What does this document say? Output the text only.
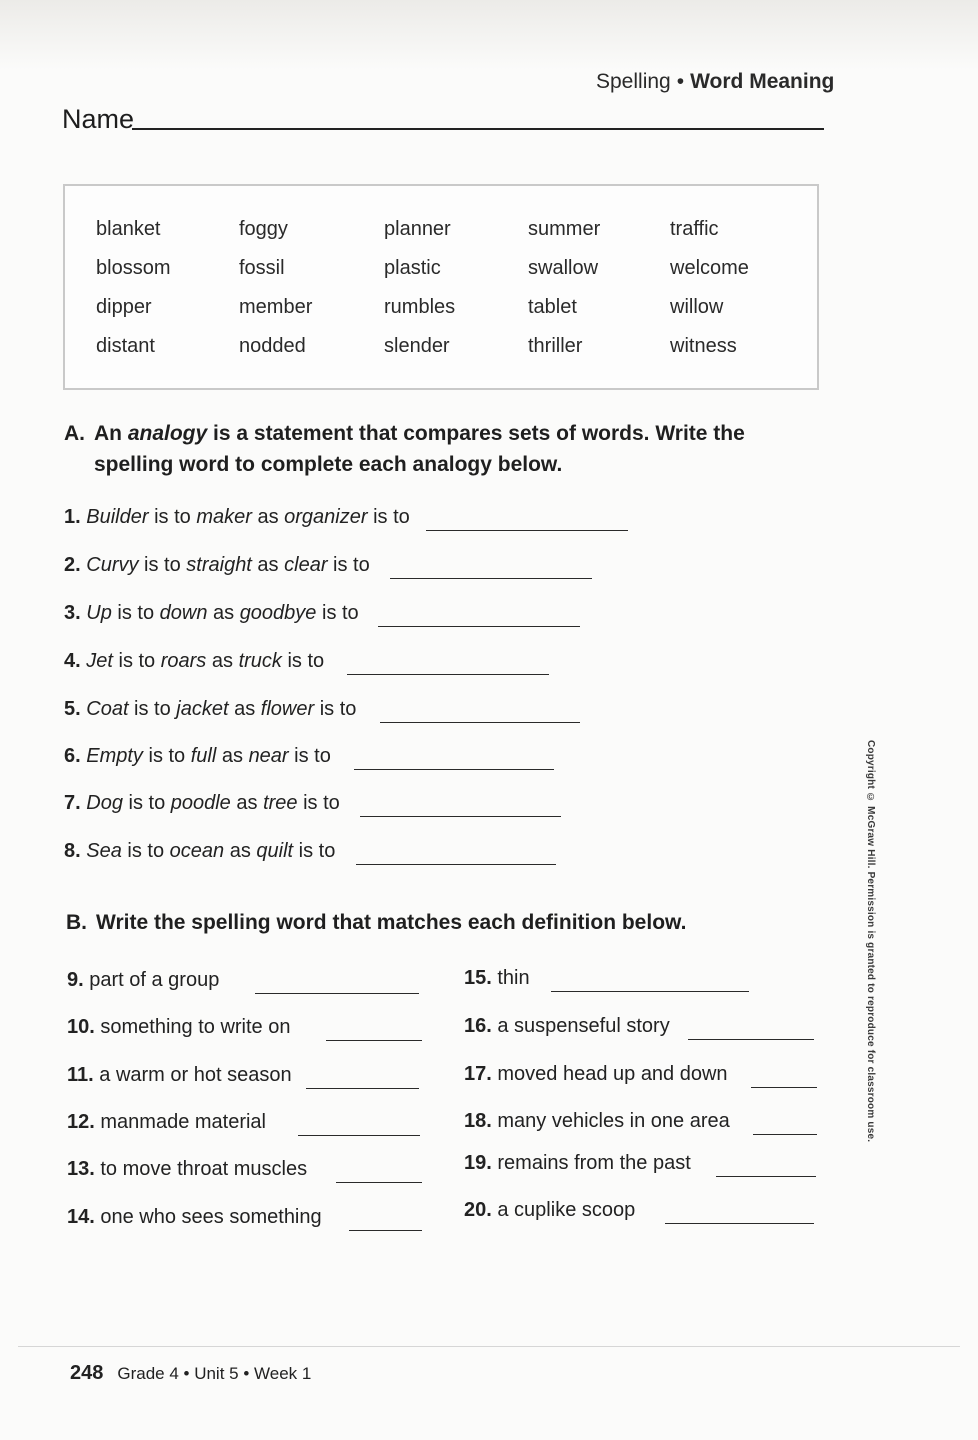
Spelling • Word Meaning
Name
blanket
blossom
dipper
distant
foggy
fossil
member
nodded
planner
plastic
rumbles
slender
summer
swallow
tablet
thriller
traffic
welcome
willow
witness
A. An analogy is a statement that compares sets of words. Write the
spelling word to complete each analogy below.
1. Builder is to maker as organizer is to
2. Curvy is to straight as clear is to
3. Up is to down as goodbye is to
4. Jet is to roars as truck is to
5. Coat is to jacket as flower is to
6. Empty is to full as near is to
7. Dog is to poodle as tree is to
8. Sea is to ocean as quilt is to
B. Write the spelling word that matches each definition below.
9. part of a group
10. something to write on
11. a warm or hot season
12. manmade material
13. to move throat muscles
14. one who sees something
15. thin
16. a suspenseful story
17. moved head up and down
18. many vehicles in one area
19. remains from the past
20. a cuplike scoop
Copyright © McGraw Hill. Permission is granted to reproduce for classroom use.
248 Grade 4 • Unit 5 • Week 1
